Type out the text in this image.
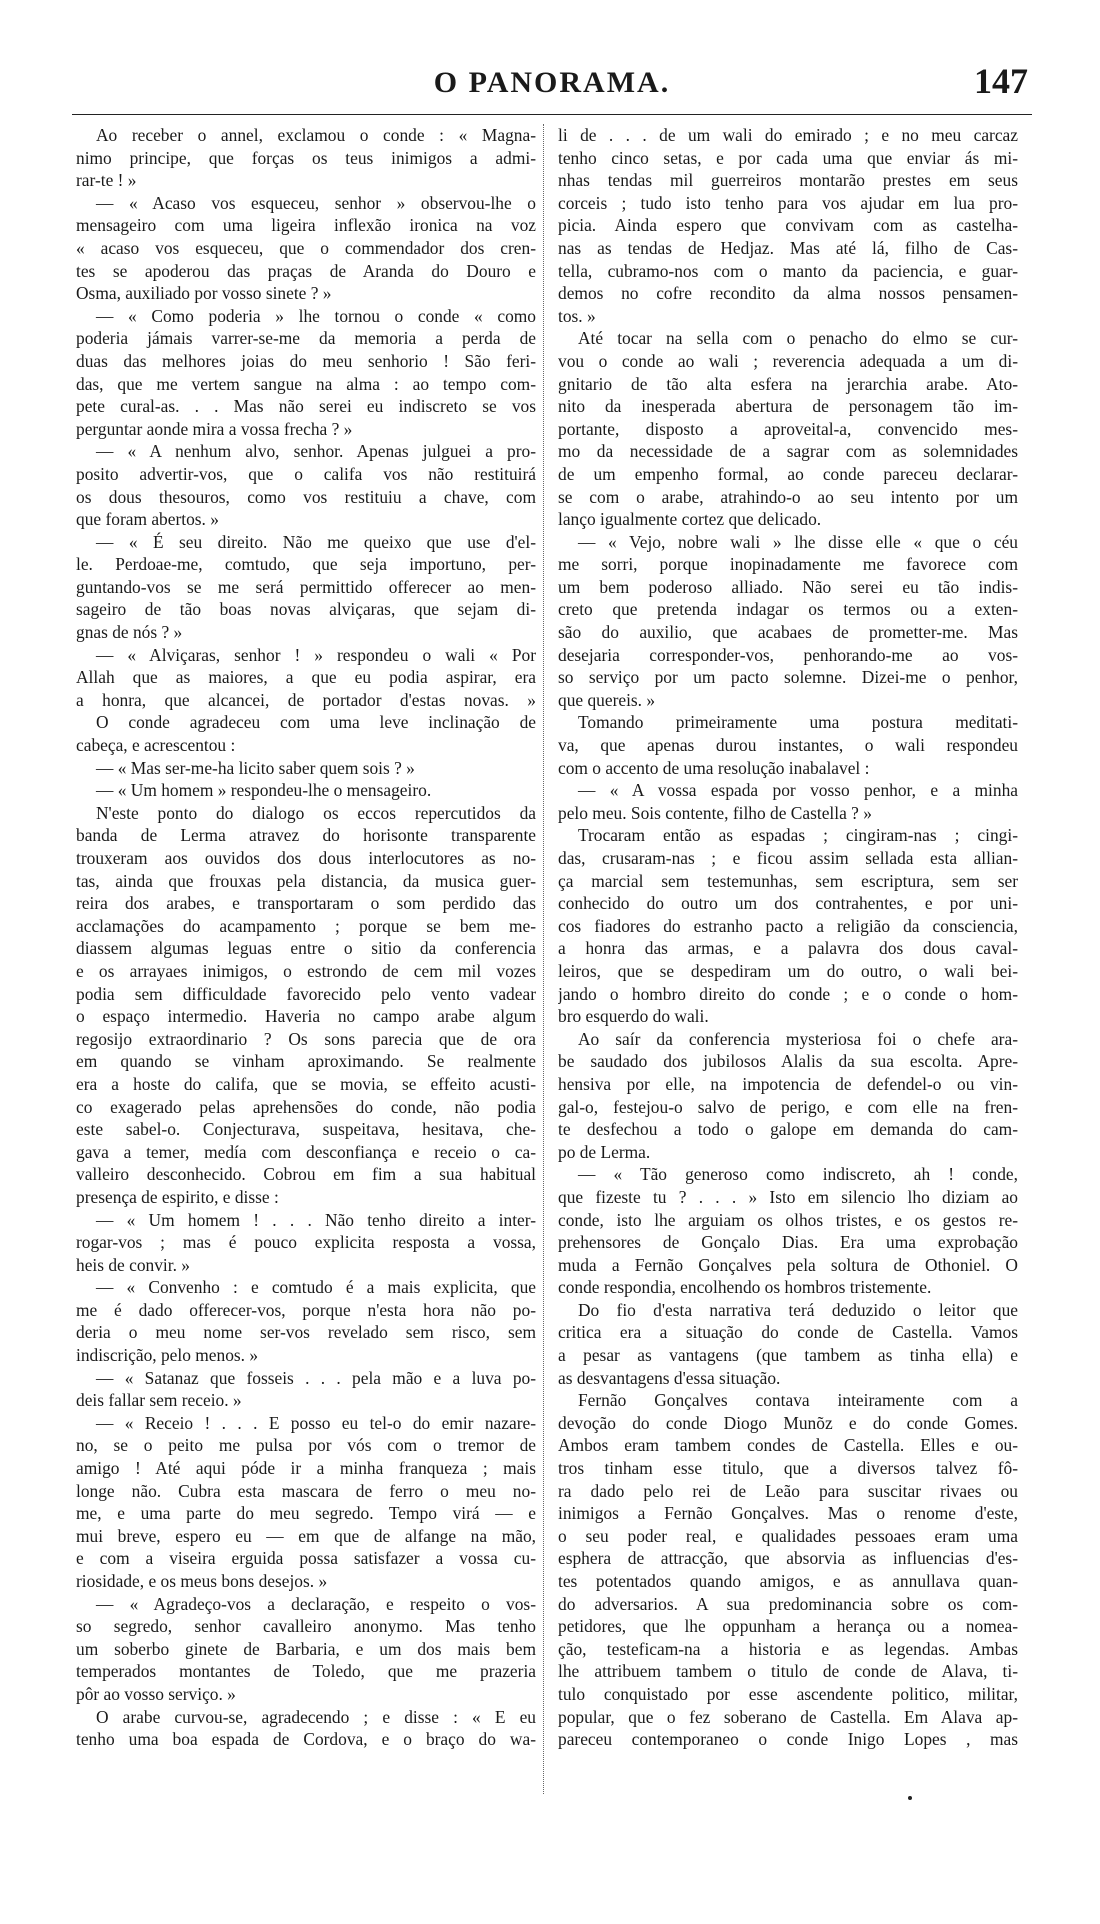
O PANORAMA.	147
Ao receber o annel, exclamou o conde : « Magna-
nimo principe, que forças os teus inimigos a admi-
rar-te ! »
— « Acaso vos esqueceu, senhor » observou-lhe o
mensageiro com uma ligeira inflexão ironica na voz
« acaso vos esqueceu, que o commendador dos cren-
tes se apoderou das praças de Aranda do Douro e
Osma, auxiliado por vosso sinete ? »
— « Como poderia » lhe tornou o conde « como
poderia jámais varrer-se-me da memoria a perda de
duas das melhores joias do meu senhorio ! São feri-
das, que me vertem sangue na alma : ao tempo com-
pete cural-as. . . Mas não serei eu indiscreto se vos
perguntar aonde mira a vossa frecha ? »
— « A nenhum alvo, senhor. Apenas julguei a pro-
posito advertir-vos, que o califa vos não restituirá
os dous thesouros, como vos restituiu a chave, com
que foram abertos. »
— « É seu direito. Não me queixo que use d'el-
le. Perdoae-me, comtudo, que seja importuno, per-
guntando-vos se me será permittido offerecer ao men-
sageiro de tão boas novas alviçaras, que sejam di-
gnas de nós ? »
— « Alviçaras, senhor ! » respondeu o wali « Por
Allah que as maiores, a que eu podia aspirar, era
a honra, que alcancei, de portador d'estas novas. »
O conde agradeceu com uma leve inclinação de
cabeça, e acrescentou :
— « Mas ser-me-ha licito saber quem sois ? »
— « Um homem » respondeu-lhe o mensageiro.
N'este ponto do dialogo os eccos repercutidos da
banda de Lerma atravez do horisonte transparente
trouxeram aos ouvidos dos dous interlocutores as no-
tas, ainda que frouxas pela distancia, da musica guer-
reira dos arabes, e transportaram o som perdido das
acclamações do acampamento ; porque se bem me-
diassem algumas leguas entre o sitio da conferencia
e os arrayaes inimigos, o estrondo de cem mil vozes
podia sem difficuldade favorecido pelo vento vadear
o espaço intermedio. Haveria no campo arabe algum
regosijo extraordinario ? Os sons parecia que de ora
em quando se vinham aproximando. Se realmente
era a hoste do califa, que se movia, se effeito acusti-
co exagerado pelas aprehensões do conde, não podia
este sabel-o. Conjecturava, suspeitava, hesitava, che-
gava a temer, medía com desconfiança e receio o ca-
valleiro desconhecido. Cobrou em fim a sua habitual
presença de espirito, e disse :
— « Um homem ! . . . Não tenho direito a inter-
rogar-vos ; mas é pouco explicita resposta a vossa,
heis de convir. »
— « Convenho : e comtudo é a mais explicita, que
me é dado offerecer-vos, porque n'esta hora não po-
deria o meu nome ser-vos revelado sem risco, sem
indiscrição, pelo menos. »
— « Satanaz que fosseis . . . pela mão e a luva po-
deis fallar sem receio. »
— « Receio ! . . . E posso eu tel-o do emir nazare-
no, se o peito me pulsa por vós com o tremor de
amigo ! Até aqui póde ir a minha franqueza ; mais
longe não. Cubra esta mascara de ferro o meu no-
me, e uma parte do meu segredo. Tempo virá — e
mui breve, espero eu — em que de alfange na mão,
e com a viseira erguida possa satisfazer a vossa cu-
riosidade, e os meus bons desejos. »
— « Agradeço-vos a declaração, e respeito o vos-
so segredo, senhor cavalleiro anonymo. Mas tenho
um soberbo ginete de Barbaria, e um dos mais bem
temperados montantes de Toledo, que me prazeria
pôr ao vosso serviço. »
O arabe curvou-se, agradecendo ; e disse : « E eu
tenho uma boa espada de Cordova, e o braço do wa-
li de . . . de um wali do emirado ; e no meu carcaz
tenho cinco setas, e por cada uma que enviar ás mi-
nhas tendas mil guerreiros montarão prestes em seus
corceis ; tudo isto tenho para vos ajudar em lua pro-
picia. Ainda espero que convivam com as castelha-
nas as tendas de Hedjaz. Mas até lá, filho de Cas-
tella, cubramo-nos com o manto da paciencia, e guar-
demos no cofre recondito da alma nossos pensamen-
tos. »
Até tocar na sella com o penacho do elmo se cur-
vou o conde ao wali ; reverencia adequada a um di-
gnitario de tão alta esfera na jerarchia arabe. Ato-
nito da inesperada abertura de personagem tão im-
portante, disposto a aproveital-a, convencido mes-
mo da necessidade de a sagrar com as solemnidades
de um empenho formal, ao conde pareceu declarar-
se com o arabe, atrahindo-o ao seu intento por um
lanço igualmente cortez que delicado.
— « Vejo, nobre wali » lhe disse elle « que o céu
me sorri, porque inopinadamente me favorece com
um bem poderoso alliado. Não serei eu tão indis-
creto que pretenda indagar os termos ou a exten-
são do auxilio, que acabaes de prometter-me. Mas
desejaria corresponder-vos, penhorando-me ao vos-
so serviço por um pacto solemne. Dizei-me o penhor,
que quereis. »
Tomando primeiramente uma postura meditati-
va, que apenas durou instantes, o wali respondeu
com o accento de uma resolução inabalavel :
— « A vossa espada por vosso penhor, e a minha
pelo meu. Sois contente, filho de Castella ? »
Trocaram então as espadas ; cingiram-nas ; cingi-
das, crusaram-nas ; e ficou assim sellada esta allian-
ça marcial sem testemunhas, sem escriptura, sem ser
conhecido do outro um dos contrahentes, e por uni-
cos fiadores do estranho pacto a religião da consciencia,
a honra das armas, e a palavra dos dous caval-
leiros, que se despediram um do outro, o wali bei-
jando o hombro direito do conde ; e o conde o hom-
bro esquerdo do wali.
Ao saír da conferencia mysteriosa foi o chefe ara-
be saudado dos jubilosos Alalis da sua escolta. Apre-
hensiva por elle, na impotencia de defendel-o ou vin-
gal-o, festejou-o salvo de perigo, e com elle na fren-
te desfechou a todo o galope em demanda do cam-
po de Lerma.
— « Tão generoso como indiscreto, ah ! conde,
que fizeste tu ? . . . » Isto em silencio lho diziam ao
conde, isto lhe arguiam os olhos tristes, e os gestos re-
prehensores de Gonçalo Dias. Era uma exprobação
muda a Fernão Gonçalves pela soltura de Othoniel. O
conde respondia, encolhendo os hombros tristemente.
Do fio d'esta narrativa terá deduzido o leitor que
critica era a situação do conde de Castella. Vamos
a pesar as vantagens (que tambem as tinha ella) e
as desvantagens d'essa situação.
Fernão Gonçalves contava inteiramente com a
devoção do conde Diogo Munõz e do conde Gomes.
Ambos eram tambem condes de Castella. Elles e ou-
tros tinham esse titulo, que a diversos talvez fô-
ra dado pelo rei de Leão para suscitar rivaes ou
inimigos a Fernão Gonçalves. Mas o renome d'este,
o seu poder real, e qualidades pessoaes eram uma
esphera de attracção, que absorvia as influencias d'es-
tes potentados quando amigos, e as annullava quan-
do adversarios. A sua predominancia sobre os com-
petidores, que lhe oppunham a herança ou a nomea-
ção, testeficam-na a historia e as legendas. Ambas
lhe attribuem tambem o titulo de conde de Alava, ti-
tulo conquistado por esse ascendente politico, militar,
popular, que o fez soberano de Castella. Em Alava ap-
pareceu contemporaneo o conde Inigo Lopes , mas
